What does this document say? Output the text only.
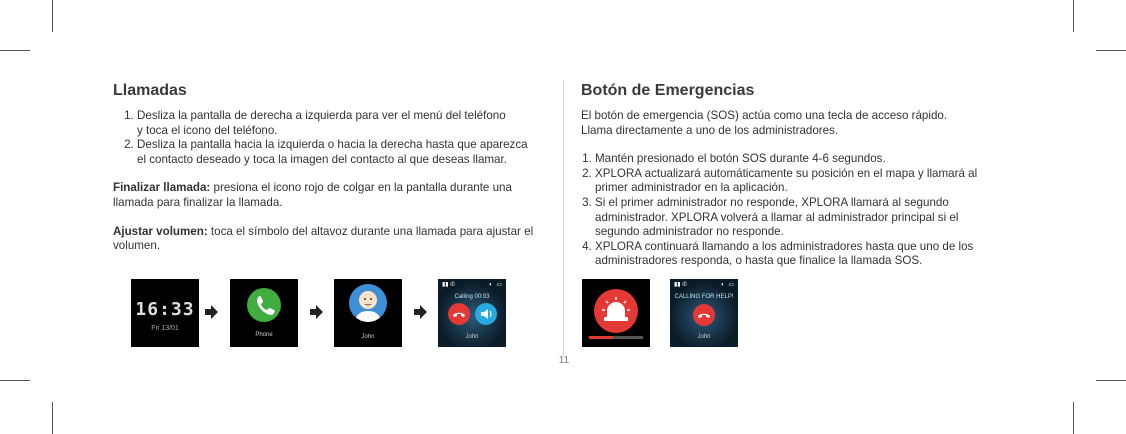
Llamadas
1. Desliza la pantalla de derecha a izquierda para ver el menú del teléfono
y toca el icono del teléfono.
2. Desliza la pantalla hacia la izquierda o hacia la derecha hasta que aparezca
el contacto deseado y toca la imagen del contacto al que deseas llamar.

Finalizar llamada: presiona el icono rojo de colgar en la pantalla durante una llamada para finalizar la llamada.

Ajustar volumen: toca el símbolo del altavoz durante una llamada para ajustar el volumen.

Botón de Emergencias

El botón de emergencia (SOS) actúa como una tecla de acceso rápido.
Llama directamente a uno de los administradores.

1. Mantén presionado el botón SOS durante 4-6 segundos.
2. XPLORA actualizará automáticamente su posición en el mapa y llamará al primer administrador en la aplicación.
3. Si el primer administrador no responde, XPLORA llamará al segundo administrador. XPLORA volverá a llamar al administrador principal si el segundo administrador no responde.
4. XPLORA continuará llamando a los administradores hasta que uno de los administradores responda, o hasta que finalice la llamada SOS.
16:33
Fri 13/01
Phone	John
▮▮ ✆	◐ ▭
Calling 00:03
John
▮▮ ✆	◐ ▭
CALLING FOR HELP!
John
11
